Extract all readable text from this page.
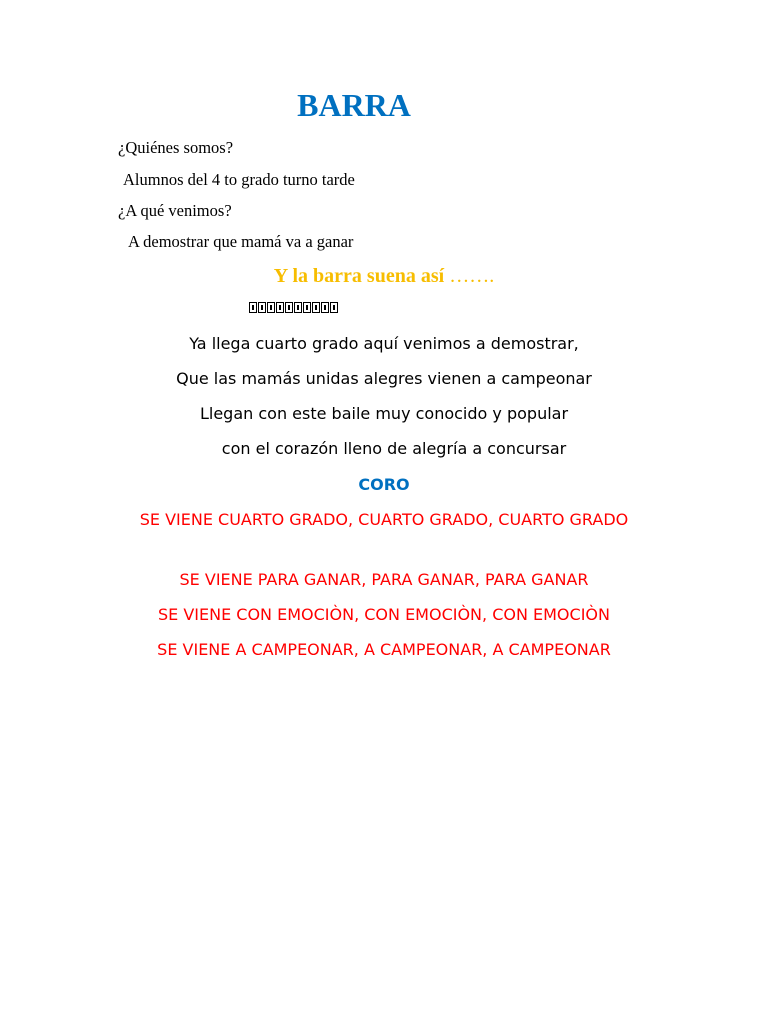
BARRA
¿Quiénes somos?
Alumnos del 4 to grado turno tarde
¿A qué venimos?
A demostrar que mamá va a ganar
Y la barra suena así …….
Ya llega cuarto grado aquí venimos a demostrar,
Que las mamás unidas alegres vienen a campeonar
Llegan con este baile muy conocido y popular
con el corazón lleno de alegría a concursar
CORO
SE VIENE CUARTO GRADO, CUARTO GRADO, CUARTO GRADO
SE VIENE PARA GANAR, PARA GANAR, PARA GANAR
SE VIENE CON EMOCIÒN, CON EMOCIÒN, CON EMOCIÒN
SE VIENE A CAMPEONAR, A CAMPEONAR, A CAMPEONAR
